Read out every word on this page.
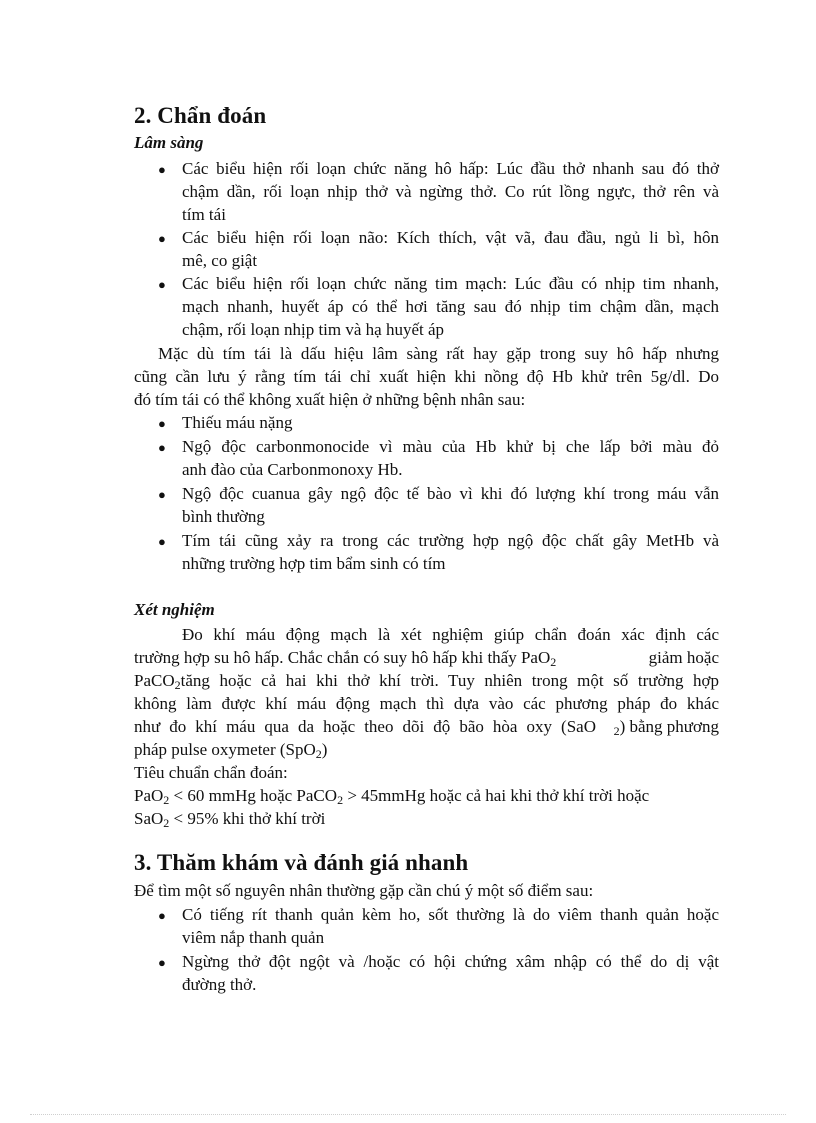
2. Chẩn đoán
Lâm sàng
● Các biểu hiện rối loạn chức năng hô hấp: Lúc đầu thở nhanh sau đó thở
chậm dần, rối loạn nhịp thở và ngừng thở. Co rút lồng ngực, thở rên và
tím tái
● Các biểu hiện rối loạn não: Kích thích, vật vã, đau đầu, ngủ li bì, hôn
mê, co giật
● Các biểu hiện rối loạn chức năng tim mạch: Lúc đầu có nhịp tim nhanh,
mạch nhanh, huyết áp có thể hơi tăng sau đó nhịp tim chậm dần, mạch
chậm, rối loạn nhịp tim và hạ huyết áp
Mặc dù tím tái là dấu hiệu lâm sàng rất hay gặp trong suy hô hấp nhưng
cũng cần lưu ý rằng tím tái chỉ xuất hiện khi nồng độ Hb khử trên 5g/dl. Do
đó tím tái có thể không xuất hiện ở những bệnh nhân sau:
● Thiếu máu nặng
● Ngộ độc carbonmonocide vì màu của Hb khử bị che lấp bởi màu đỏ
anh đào của Carbonmonoxy Hb.
● Ngộ độc cuanua gây ngộ độc tế bào vì khi đó lượng khí trong máu vẫn
bình thường
● Tím tái cũng xảy ra trong các trường hợp ngộ độc chất gây MetHb và
những trường hợp tim bẩm sinh có tím
Xét nghiệm
Đo khí máu động mạch là xét nghiệm giúp chẩn đoán xác định các
trường hợp su hô hấp. Chắc chắn có suy hô hấp khi thấy PaO$_2$	giảm hoặc
PaCO$_2$ tăng hoặc cả hai khi thở khí trời. Tuy nhiên trong một số trường hợp
không làm được khí máu động mạch thì dựa vào các phương pháp đo khác
như đo khí máu qua da hoặc theo dõi độ bão hòa oxy (SaO $_2$) bằng phương
pháp pulse oxymeter (SpO$_2$)
Tiêu chuẩn chẩn đoán:
PaO$_2$ < 60 mmHg hoặc PaCO$_2$ > 45mmHg hoặc cả hai khi thở khí trời hoặc
SaO$_2$ < 95% khi thở khí trời
3. Thăm khám và đánh giá nhanh
Để tìm một số nguyên nhân thường gặp cần chú ý một số điểm sau:
● Có tiếng rít thanh quản kèm ho, sốt thường là do viêm thanh quản hoặc
viêm nắp thanh quản
● Ngừng thở đột ngột và /hoặc có hội chứng xâm nhập có thể do dị vật
đường thở.
